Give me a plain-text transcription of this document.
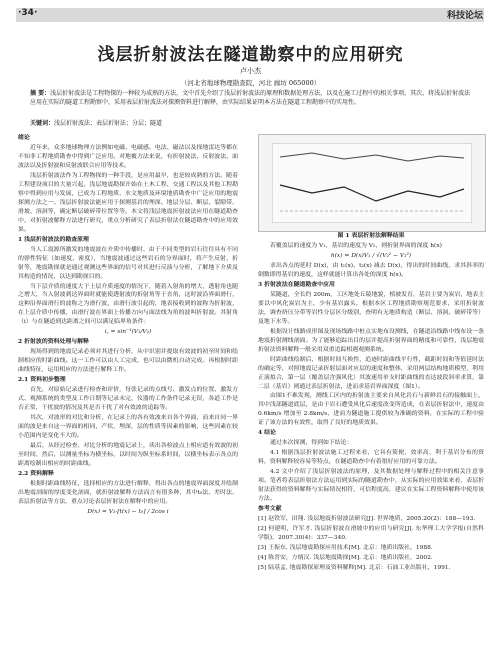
·34·	科技论坛
浅层折射波法在隧道勘察中的应用研究
卢小杰
（河北省地球物理勘查院，河北 廊坊 065000）
摘 要：浅层折射波法是工程物探的一种较为成熟的方法，文中首先介绍了浅层折射波法的原理和数据处理方法，以及在施工过程中的相关事项。其次，将浅层折射波法应用在实际的隧道工程勘察中，采用表层折射波法对探测资料进行解释，由实际结果证明本方法在隧道工程勘察中的实用性。
关键词：浅层折射波法；表层折射法；分层；隧道

绪论

近年来，众多地球物理方法例如电磁、电磁感、电法、磁法以及探地雷达等都在不知非工程地质勘查中得到广泛应用。对地覆方法来说，有折射波法，反射波法，面波法以及折射波和反射波联合应用等技术。

浅层折射波法作为工程物探的一种手段，是应用最早，也是较成熟的方法。随着工程建设项目的大量兴起，浅层地震勘探开始在土木工程、交通工程以及其他工程勘察中得到应用与发展，已成为工程地质、水文地质及环境地质勘查中广泛应用的地震探测方法之一。浅层折射波法能应用于探测基岩的埋深、地层分层、断层、裂隙带、滑坡、溶洞等，确定断层破碎带位置等等。本文将浅层地震折射波法应用在隧道勘查中，对折射波解释方法进行研究，重点分析研究了表层折射法在隧道勘查中的应用效果。

1 浅层折射波法的勘查原理

当人工震源所激发的地震波在介质中传播时，由于不同类型的岩石往往具有不同的弹性特征（如速度、密度），当地震波通过这些岩石的分界面时，将产生反射、折射等，地震勘探就是通过观测这些界面的信号对其进行反演与分析，了解地下介质及其构造的情况，以达到勘探目的。

当下层介质的速度大于上层介质速度的情况下，随着入射角的增大，透射角也随之增大，当入射波到达界面时就能使透射波的折射角等于直角，这时波沿界面滑行，这种沿界面滑行的波称之为滑行波，由滑行波引起的，地表接收到的波称为折射波，在上层介质中传播，由滑行波在界面上传播方向与面法线为角的波叫折射波。其射角（i）与在隧道到达距离之间可以满足临界角条件：

i꜀ = sin⁻¹(V₁/V₂)

2 折射波的资料处理与解释

现场得到的地震记录必须对其进行分析，从中识别并提取有效波的初至时间和绘制相应的时距曲线。这一工作可以由人工完成，也可以由微机自动完成。再根据时距曲线特征，运用相应的方法进行解释工作。

2.1 资料初步整理

首先，对原始记录进行检查和评价，每张记录的点线号、激发点的位置、激发方式、观测系统的类型及工作日期等记录未完，仪器的工作条件记录无误，各道工作是否正常，干扰波的情况及其是否干扰了对有效波的追踪等。

其次，对波形的对比和分析，在记录上的各有效波来自各个界面，而来自同一界面的波是来自这一界面的相同，产状，埋深，层的性质等因素的影响，这些因素在较小范围内是变化不大的。

最后，从经过检查、对比分析的地震记录上，读出各检波点上相应道有效波的初至时间，然后，以测量坐标为横坐标，以时间为纵坐标系时间，以横坐标表示各点的距离绘制出相应的时距曲线。

2.2 资料解释

根据时距曲线特征，选择相应的方法进行解释，得出各点的地震界面深度并绘制出地震剖面的厚度变化剖面，就折射波解释方法而言有很多种，其中t₀法、差时法、表层折射法等方法，重点讨论表层折射法在解释中的应用。

D(x) = V₂·[t(x) − t₀] / 2cos i

图 1 表层折射法解释结果

若覆盖层的速度为 V₁，基岩的速度为 V₂，则折射界面的深度 h(x)

h(x) = D(x)V₁ / √(V₂² − V₁²)

求出各点的延时 D(x)，由 t₁(x)、t₂(x) 减去 D(x)，得出的时间曲线，求其斜率的倒数即得基岩的速度，这样就能计算出各处的深度 h(x)。

3 折射波法在隧道勘查中应用

某隧道，全长约 200m，工区地处丘陵地貌，植被发育，基岩主要为炭岩，地表主要以中风化炭岩为主，少有基岩露头，根据本区工程地质勘察规范要求，采用折射波法，调查挤压分带等岩性分层区分级别，查明有无地质构造（断层、溶洞、破碎带等）及地下水等。

根据设计线路成形图及现场线路中桩点实地布设测线，在隧道沿线路中线布设一条地震折射测线剖面。为了能够追踪出目的层并提高折射界面的精度和可靠性，浅层地震折射法资料解释一般采用双重追踪相遇观测系统。

时距曲线绘制后，根据时间互换性，追迹时距曲线平行性，截距时间和等值延时法的确定等，对照地震记录折射层面对应层的速度和整体，采用两层结构地质模型，利用正演拟合，第一层（覆盖层含强风化）其波速用单支时距曲线的直达波段斜率求算，第二层（基岩）则通过表层折射法，进而求基岩界面深度（图1）。

由图1不难发现，测线工区内的折射波主要来自风化岩石与新鲜岩石的接触面上，其中浅部隧道底层，是由于岩石遭受风化后速度改变所造成，在表层折射法中，速度由 0.6km/s 增加至 2.8km/s，进而为隧道施工提供较为准确的资料，在实际的工程中验证了该方法的有效性，取得了良好的地质效果。

4 结论

通过本次探测，得到如下结论：

4.1 根据浅层折射波法施工过程来看，它具有简便，效率高，利于基岩分布的资料，资料解释较容易等特点，在隧道勘查中有着很好应用的可靠方法。

4.2 文中介绍了浅层折射波法的原理，及其数据处理与解释过程中的相关注意事项。笔者将表层折射法方法运用到实际的隧道勘查中，从实际的应用效果来看，表层折射法获得的资料解释与实际情况相符，可信程度高，建议在实际工程资料解释中使用该方法。

参考文献

[1] 赵铁军，田翔. 浅层地震折射波法研究[J]. 世界地质，2005.20(2)：188—193.

[2] 何建明，许军才. 浅层折射波在滑坡中的应用与研究[J]. 东华理工大学学报(自然科学版)，2007.30(4)：337—340.

[3] 王振东. 浅层地震勘探应用技术[M]. 北京：地质出版社，1988.

[4] 陈晋安，方炳汉. 浅层地震勘探[M]. 北京：地质出版社，2002.

[5] 陆基孟. 地震勘探原理及资料解释[M]. 北京：石油工业出版社，1991.
